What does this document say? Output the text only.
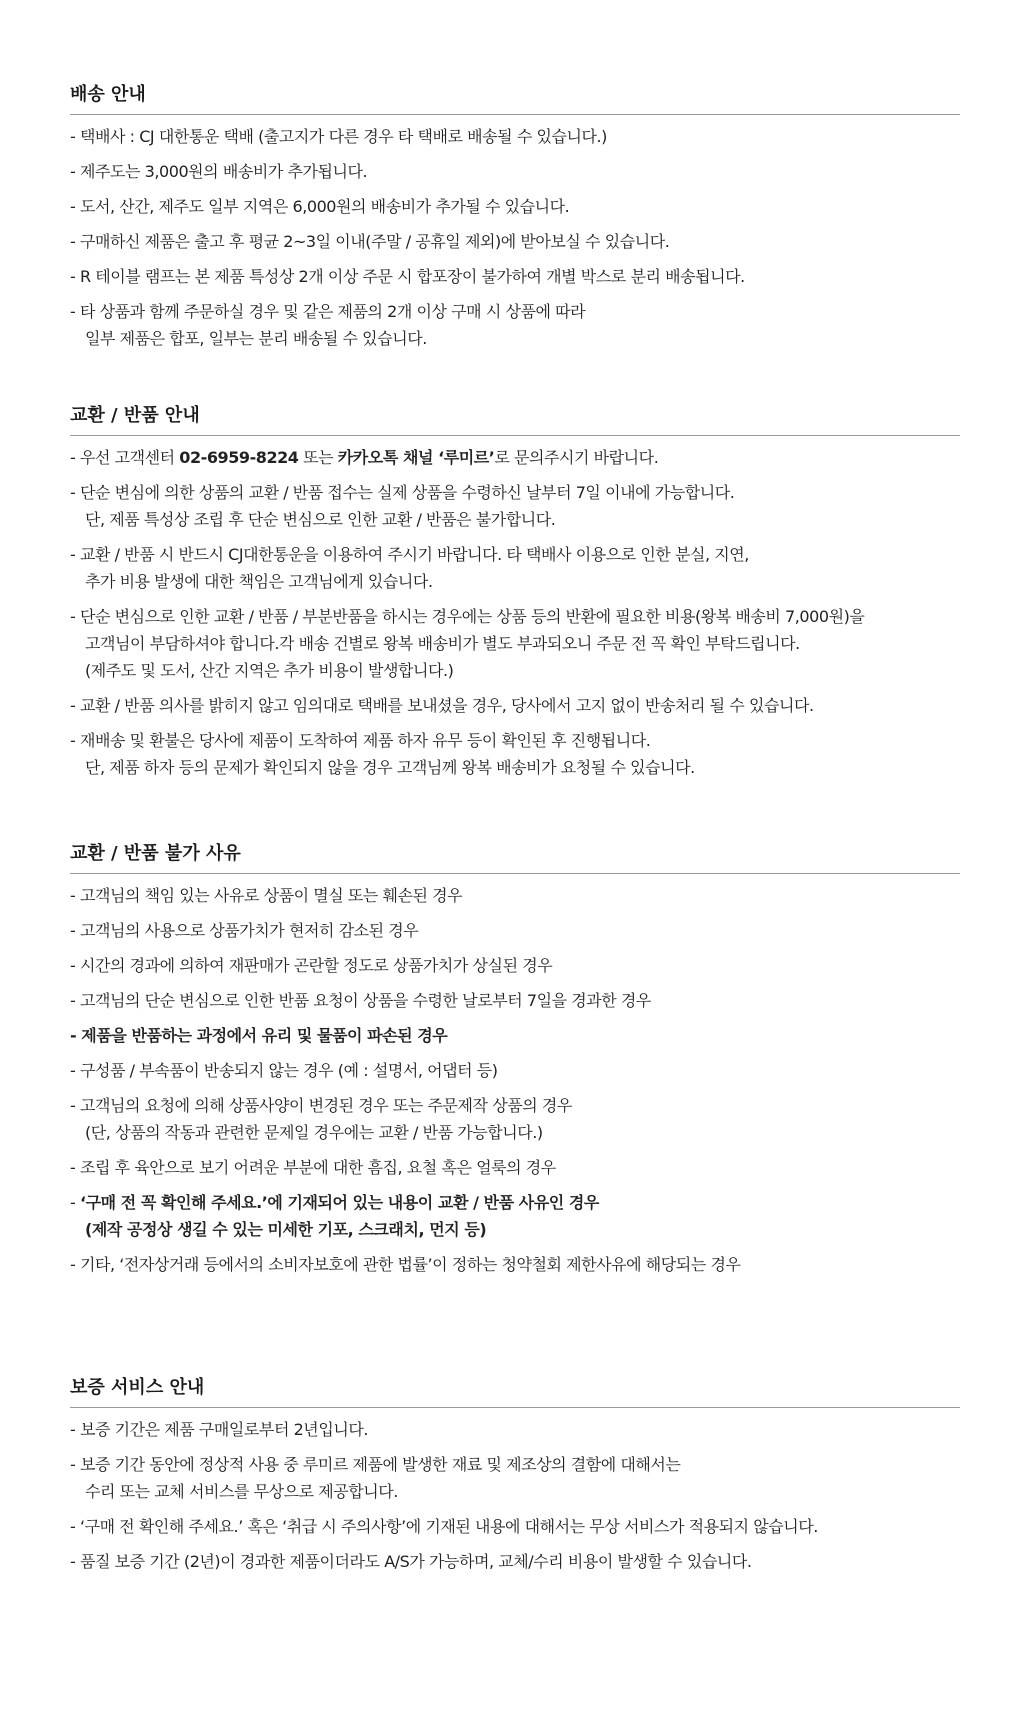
배송 안내
- 택배사 : CJ 대한통운 택배 (출고지가 다른 경우 타 택배로 배송될 수 있습니다.)
- 제주도는 3,000원의 배송비가 추가됩니다.
- 도서, 산간, 제주도 일부 지역은 6,000원의 배송비가 추가될 수 있습니다.
- 구매하신 제품은 출고 후 평균 2~3일 이내(주말 / 공휴일 제외)에 받아보실 수 있습니다.
- R 테이블 램프는 본 제품 특성상 2개 이상 주문 시 합포장이 불가하여 개별 박스로 분리 배송됩니다.
- 타 상품과 함께 주문하실 경우 및 같은 제품의 2개 이상 구매 시 상품에 따라
일부 제품은 합포, 일부는 분리 배송될 수 있습니다.
교환 / 반품 안내
- 우선 고객센터 02-6959-8224 또는 카카오톡 채널 ‘루미르’로 문의주시기 바랍니다.
- 단순 변심에 의한 상품의 교환 / 반품 접수는 실제 상품을 수령하신 날부터 7일 이내에 가능합니다.
단, 제품 특성상 조립 후 단순 변심으로 인한 교환 / 반품은 불가합니다.
- 교환 / 반품 시 반드시 CJ대한통운을 이용하여 주시기 바랍니다. 타 택배사 이용으로 인한 분실, 지연,
추가 비용 발생에 대한 책임은 고객님에게 있습니다.
- 단순 변심으로 인한 교환 / 반품 / 부분반품을 하시는 경우에는 상품 등의 반환에 필요한 비용(왕복 배송비 7,000원)을
고객님이 부담하셔야 합니다.각 배송 건별로 왕복 배송비가 별도 부과되오니 주문 전 꼭 확인 부탁드립니다.
(제주도 및 도서, 산간 지역은 추가 비용이 발생합니다.)
- 교환 / 반품 의사를 밝히지 않고 임의대로 택배를 보내셨을 경우, 당사에서 고지 없이 반송처리 될 수 있습니다.
- 재배송 및 환불은 당사에 제품이 도착하여 제품 하자 유무 등이 확인된 후 진행됩니다.
단, 제품 하자 등의 문제가 확인되지 않을 경우 고객님께 왕복 배송비가 요청될 수 있습니다.
교환 / 반품 불가 사유
- 고객님의 책임 있는 사유로 상품이 멸실 또는 훼손된 경우
- 고객님의 사용으로 상품가치가 현저히 감소된 경우
- 시간의 경과에 의하여 재판매가 곤란할 정도로 상품가치가 상실된 경우
- 고객님의 단순 변심으로 인한 반품 요청이 상품을 수령한 날로부터 7일을 경과한 경우
- 제품을 반품하는 과정에서 유리 및 물품이 파손된 경우
- 구성품 / 부속품이 반송되지 않는 경우 (예 : 설명서, 어댑터 등)
- 고객님의 요청에 의해 상품사양이 변경된 경우 또는 주문제작 상품의 경우
(단, 상품의 작동과 관련한 문제일 경우에는 교환 / 반품 가능합니다.)
- 조립 후 육안으로 보기 어려운 부분에 대한 흠집, 요철 혹은 얼룩의 경우
- ‘구매 전 꼭 확인해 주세요.’에 기재되어 있는 내용이 교환 / 반품 사유인 경우
(제작 공정상 생길 수 있는 미세한 기포, 스크래치, 먼지 등)
- 기타, ‘전자상거래 등에서의 소비자보호에 관한 법률’이 정하는 청약철회 제한사유에 해당되는 경우
보증 서비스 안내
- 보증 기간은 제품 구매일로부터 2년입니다.
- 보증 기간 동안에 정상적 사용 중 루미르 제품에 발생한 재료 및 제조상의 결함에 대해서는
수리 또는 교체 서비스를 무상으로 제공합니다.
- ‘구매 전 확인해 주세요.’ 혹은 ‘취급 시 주의사항’에 기재된 내용에 대해서는 무상 서비스가 적용되지 않습니다.
- 품질 보증 기간 (2년)이 경과한 제품이더라도 A/S가 가능하며, 교체/수리 비용이 발생할 수 있습니다.
